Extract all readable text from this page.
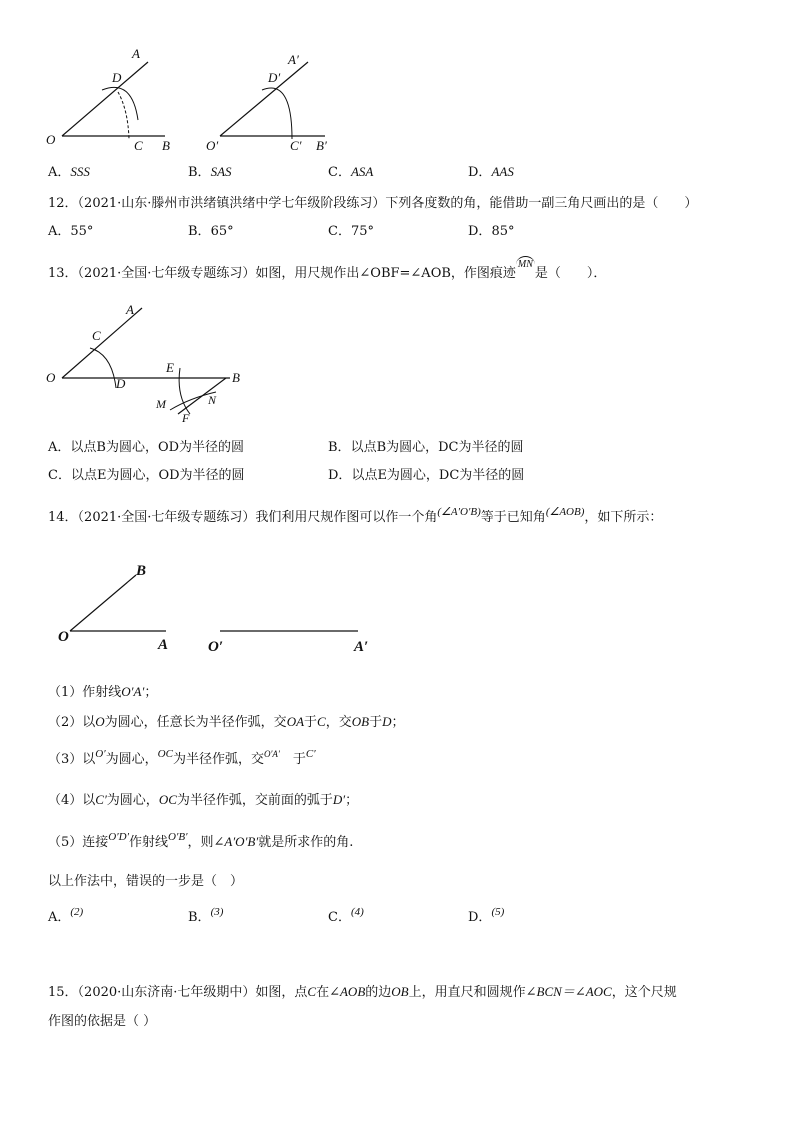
A
D
O	C B
A′
D′
O′	C′ B′
A．SSS	B．SAS	C．ASA	D．AAS
12．（2021·山东·滕州市洪绪镇洪绪中学七年级阶段练习）下列各度数的角，能借助一副三角尺画出的是（　　）
A．55°	B．65°	C．75°	D．85°
13．（2021·全国·七年级专题练习）如图，用尺规作出∠OBF=∠AOB，作图痕迹MN是（　　）．
A
C
O	D
E
B
M	N
F
A．以点B为圆心，OD为半径的圆	B．以点B为圆心，DC为半径的圆
C．以点E为圆心，OD为半径的圆	D．以点E为圆心，DC为半径的圆
14．（2021·全国·七年级专题练习）我们利用尺规作图可以作一个角$^{(\angle A'O'B)}$等于已知角$^{(\angle AOB)}$，如下所示：
B
O	A	O′	A′
（1）作射线O′A′；
（2）以O为圆心，任意长为半径作弧，交OA于C，交OB于D；
（3）以$^{O'}$为圆心，$^{OC}$为半径作弧，交$^{O'A'}$　于$^{C'}$
（4）以C′为圆心，OC为半径作弧，交前面的弧于D′；
（5）连接$^{O'D'}$作射线$^{O'B'}$，则∠A′O′B′就是所求作的角.
以上作法中，错误的一步是（　）
A．$^{(2)}$	B．$^{(3)}$	C．$^{(4)}$	D．$^{(5)}$
15．（2020·山东济南·七年级期中）如图，点C在∠AOB的边OB上，用直尺和圆规作∠BCN＝∠AOC，这个尺规
作图的依据是（ ）
